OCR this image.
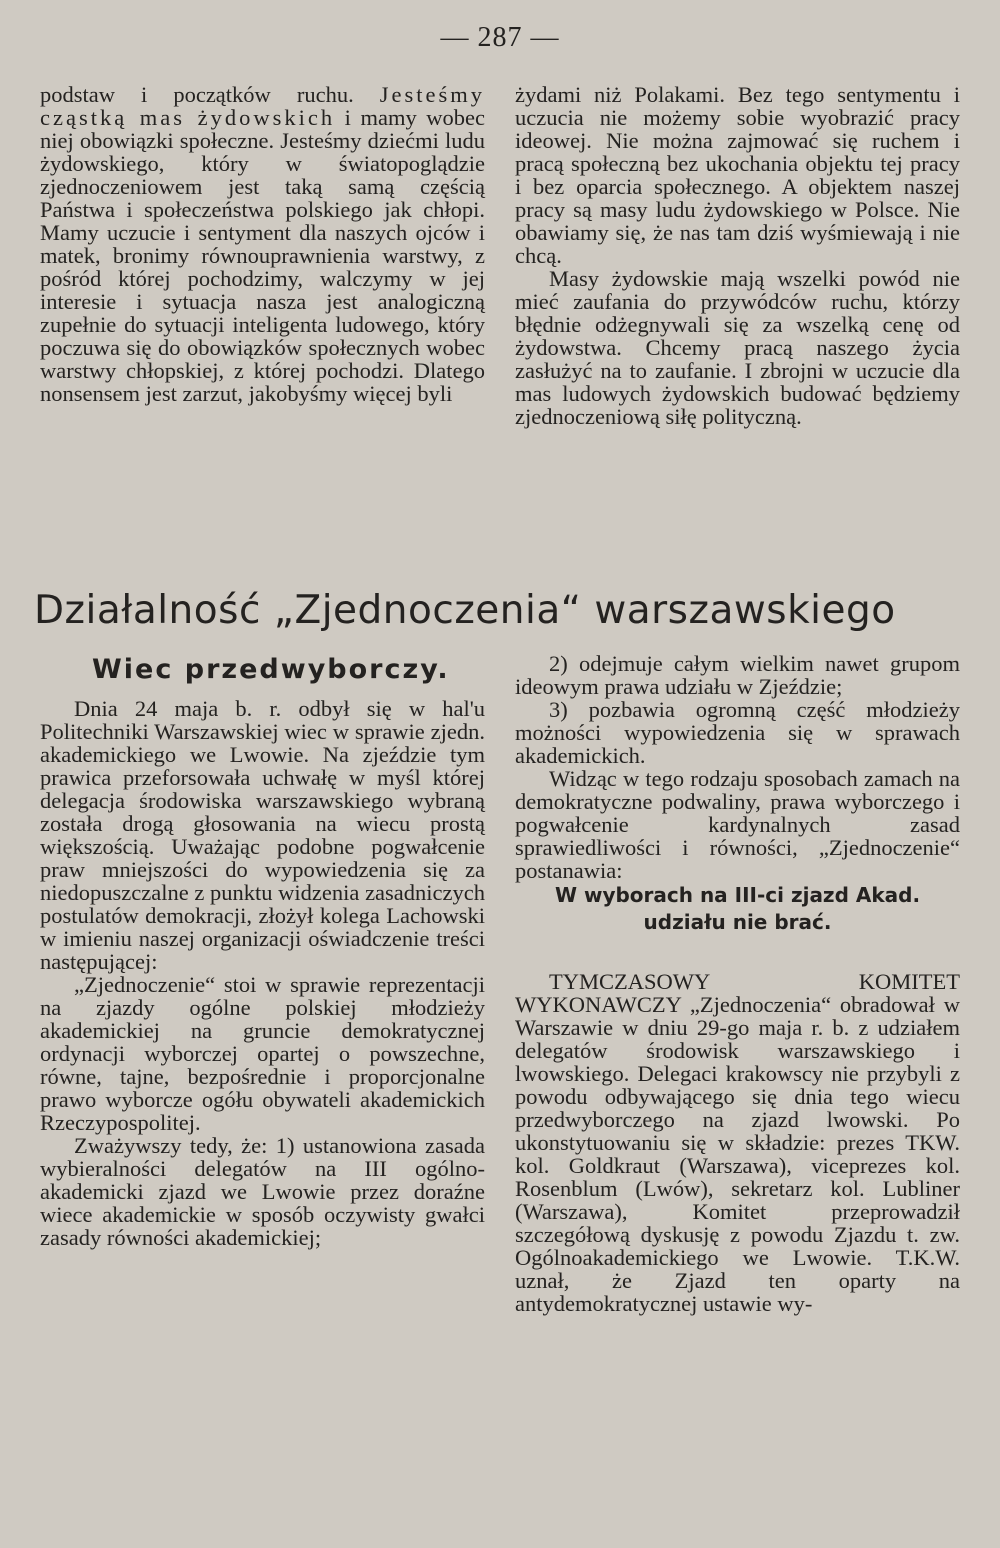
— 287 —

podstaw i początków ruchu. Jesteśmy cząstką mas żydowskich i mamy wobec niej obowiązki społeczne. Jesteśmy dziećmi ludu żydowskiego, który w światopoglądzie zjednoczeniowem jest taką samą częścią Państwa i społeczeństwa polskiego jak chłopi. Mamy uczucie i sentyment dla naszych ojców i matek, bronimy równouprawnienia warstwy, z pośród której pochodzimy, walczymy w jej interesie i sytuacja nasza jest analogiczną zupełnie do sytuacji inteligenta ludowego, który poczuwa się do obowiązków społecznych wobec warstwy chłopskiej, z której pochodzi. Dlatego nonsensem jest zarzut, jakobyśmy więcej byli

żydami niż Polakami. Bez tego sentymentu i uczucia nie możemy sobie wyobrazić pracy ideowej. Nie można zajmować się ruchem i pracą społeczną bez ukochania objektu tej pracy i bez oparcia społecznego. A objektem naszej pracy są masy ludu żydowskiego w Polsce. Nie obawiamy się, że nas tam dziś wyśmiewają i nie chcą.

Masy żydowskie mają wszelki powód nie mieć zaufania do przywódców ruchu, którzy błędnie odżegnywali się za wszelką cenę od żydowstwa. Chcemy pracą naszego życia zasłużyć na to zaufanie. I zbrojni w uczucie dla mas ludowych żydowskich budować będziemy zjednoczeniową siłę polityczną.

Działalność „Zjednoczenia“ warszawskiego
Wiec przedwyborczy.

Dnia 24 maja b. r. odbył się w hal'u Politechniki Warszawskiej wiec w sprawie zjedn. akademickiego we Lwowie. Na zjeździe tym prawica przeforsowała uchwałę w myśl której delegacja środowiska warszawskiego wybraną została drogą głosowania na wiecu prostą większością. Uważając podobne pogwałcenie praw mniejszości do wypowiedzenia się za niedopuszczalne z punktu widzenia zasadniczych postulatów demokracji, złożył kolega Lachowski w imieniu naszej organizacji oświadczenie treści następującej:

„Zjednoczenie“ stoi w sprawie reprezentacji na zjazdy ogólne polskiej młodzieży akademickiej na gruncie demokratycznej ordynacji wyborczej opartej o powszechne, równe, tajne, bezpośrednie i proporcjonalne prawo wyborcze ogółu obywateli akademickich Rzeczypospolitej.

Zważywszy tedy, że: 1) ustanowiona zasada wybieralności delegatów na III ogólno-akademicki zjazd we Lwowie przez doraźne wiece akademickie w sposób oczywisty gwałci zasady równości akademickiej;

2) odejmuje całym wielkim nawet grupom ideowym prawa udziału w Zjeździe;

3) pozbawia ogromną część młodzieży możności wypowiedzenia się w sprawach akademickich.

Widząc w tego rodzaju sposobach zamach na demokratyczne podwaliny, prawa wyborczego i pogwałcenie kardynalnych zasad sprawiedliwości i równości, „Zjednoczenie“ postanawia:

W wyborach na III-ci zjazd Akad. udziału nie brać.

TYMCZASOWY KOMITET WYKONAWCZY „Zjednoczenia“ obradował w Warszawie w dniu 29-go maja r. b. z udziałem delegatów środowisk warszawskiego i lwowskiego. Delegaci krakowscy nie przybyli z powodu odbywającego się dnia tego wiecu przedwyborczego na zjazd lwowski. Po ukonstytuowaniu się w składzie: prezes TKW. kol. Goldkraut (Warszawa), viceprezes kol. Rosenblum (Lwów), sekretarz kol. Lubliner (Warszawa), Komitet przeprowadził szczegółową dyskusję z powodu Zjazdu t. zw. Ogólnoakademickiego we Lwowie. T.K.W. uznał, że Zjazd ten oparty na antydemokratycznej ustawie wy-
